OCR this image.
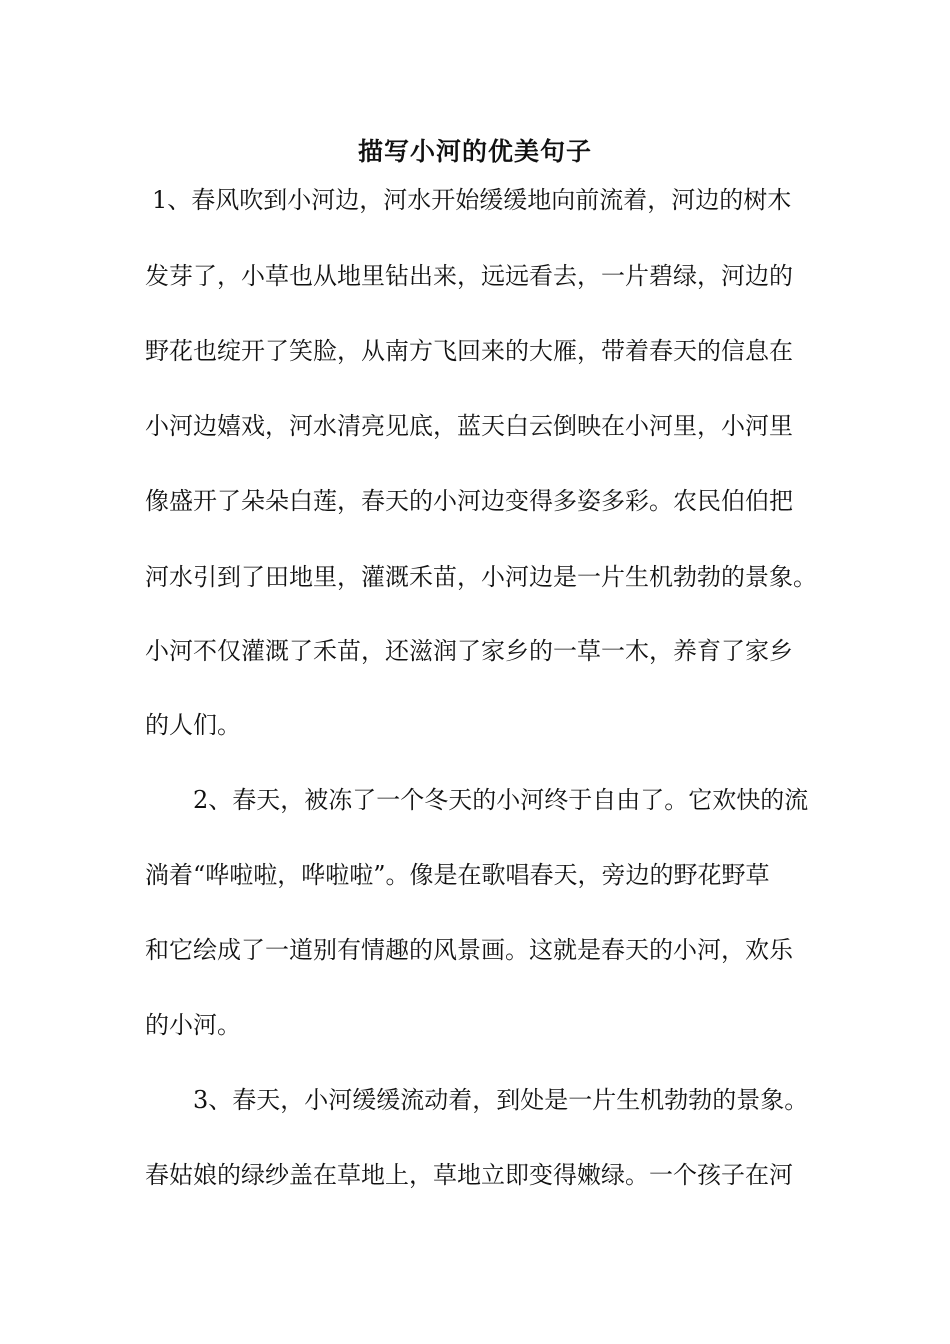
描写小河的优美句子
1、春风吹到小河边，河水开始缓缓地向前流着，河边的树木
发芽了，小草也从地里钻出来，远远看去，一片碧绿，河边的
野花也绽开了笑脸，从南方飞回来的大雁，带着春天的信息在
小河边嬉戏，河水清亮见底，蓝天白云倒映在小河里，小河里
像盛开了朵朵白莲，春天的小河边变得多姿多彩。农民伯伯把
河水引到了田地里，灌溉禾苗，小河边是一片生机勃勃的景象。
小河不仅灌溉了禾苗，还滋润了家乡的一草一木，养育了家乡
的人们。
2、春天，被冻了一个冬天的小河终于自由了。它欢快的流
淌着“哗啦啦，哗啦啦”。像是在歌唱春天，旁边的野花野草
和它绘成了一道别有情趣的风景画。这就是春天的小河，欢乐
的小河。
3、春天，小河缓缓流动着，到处是一片生机勃勃的景象。
春姑娘的绿纱盖在草地上，草地立即变得嫩绿。一个孩子在河
